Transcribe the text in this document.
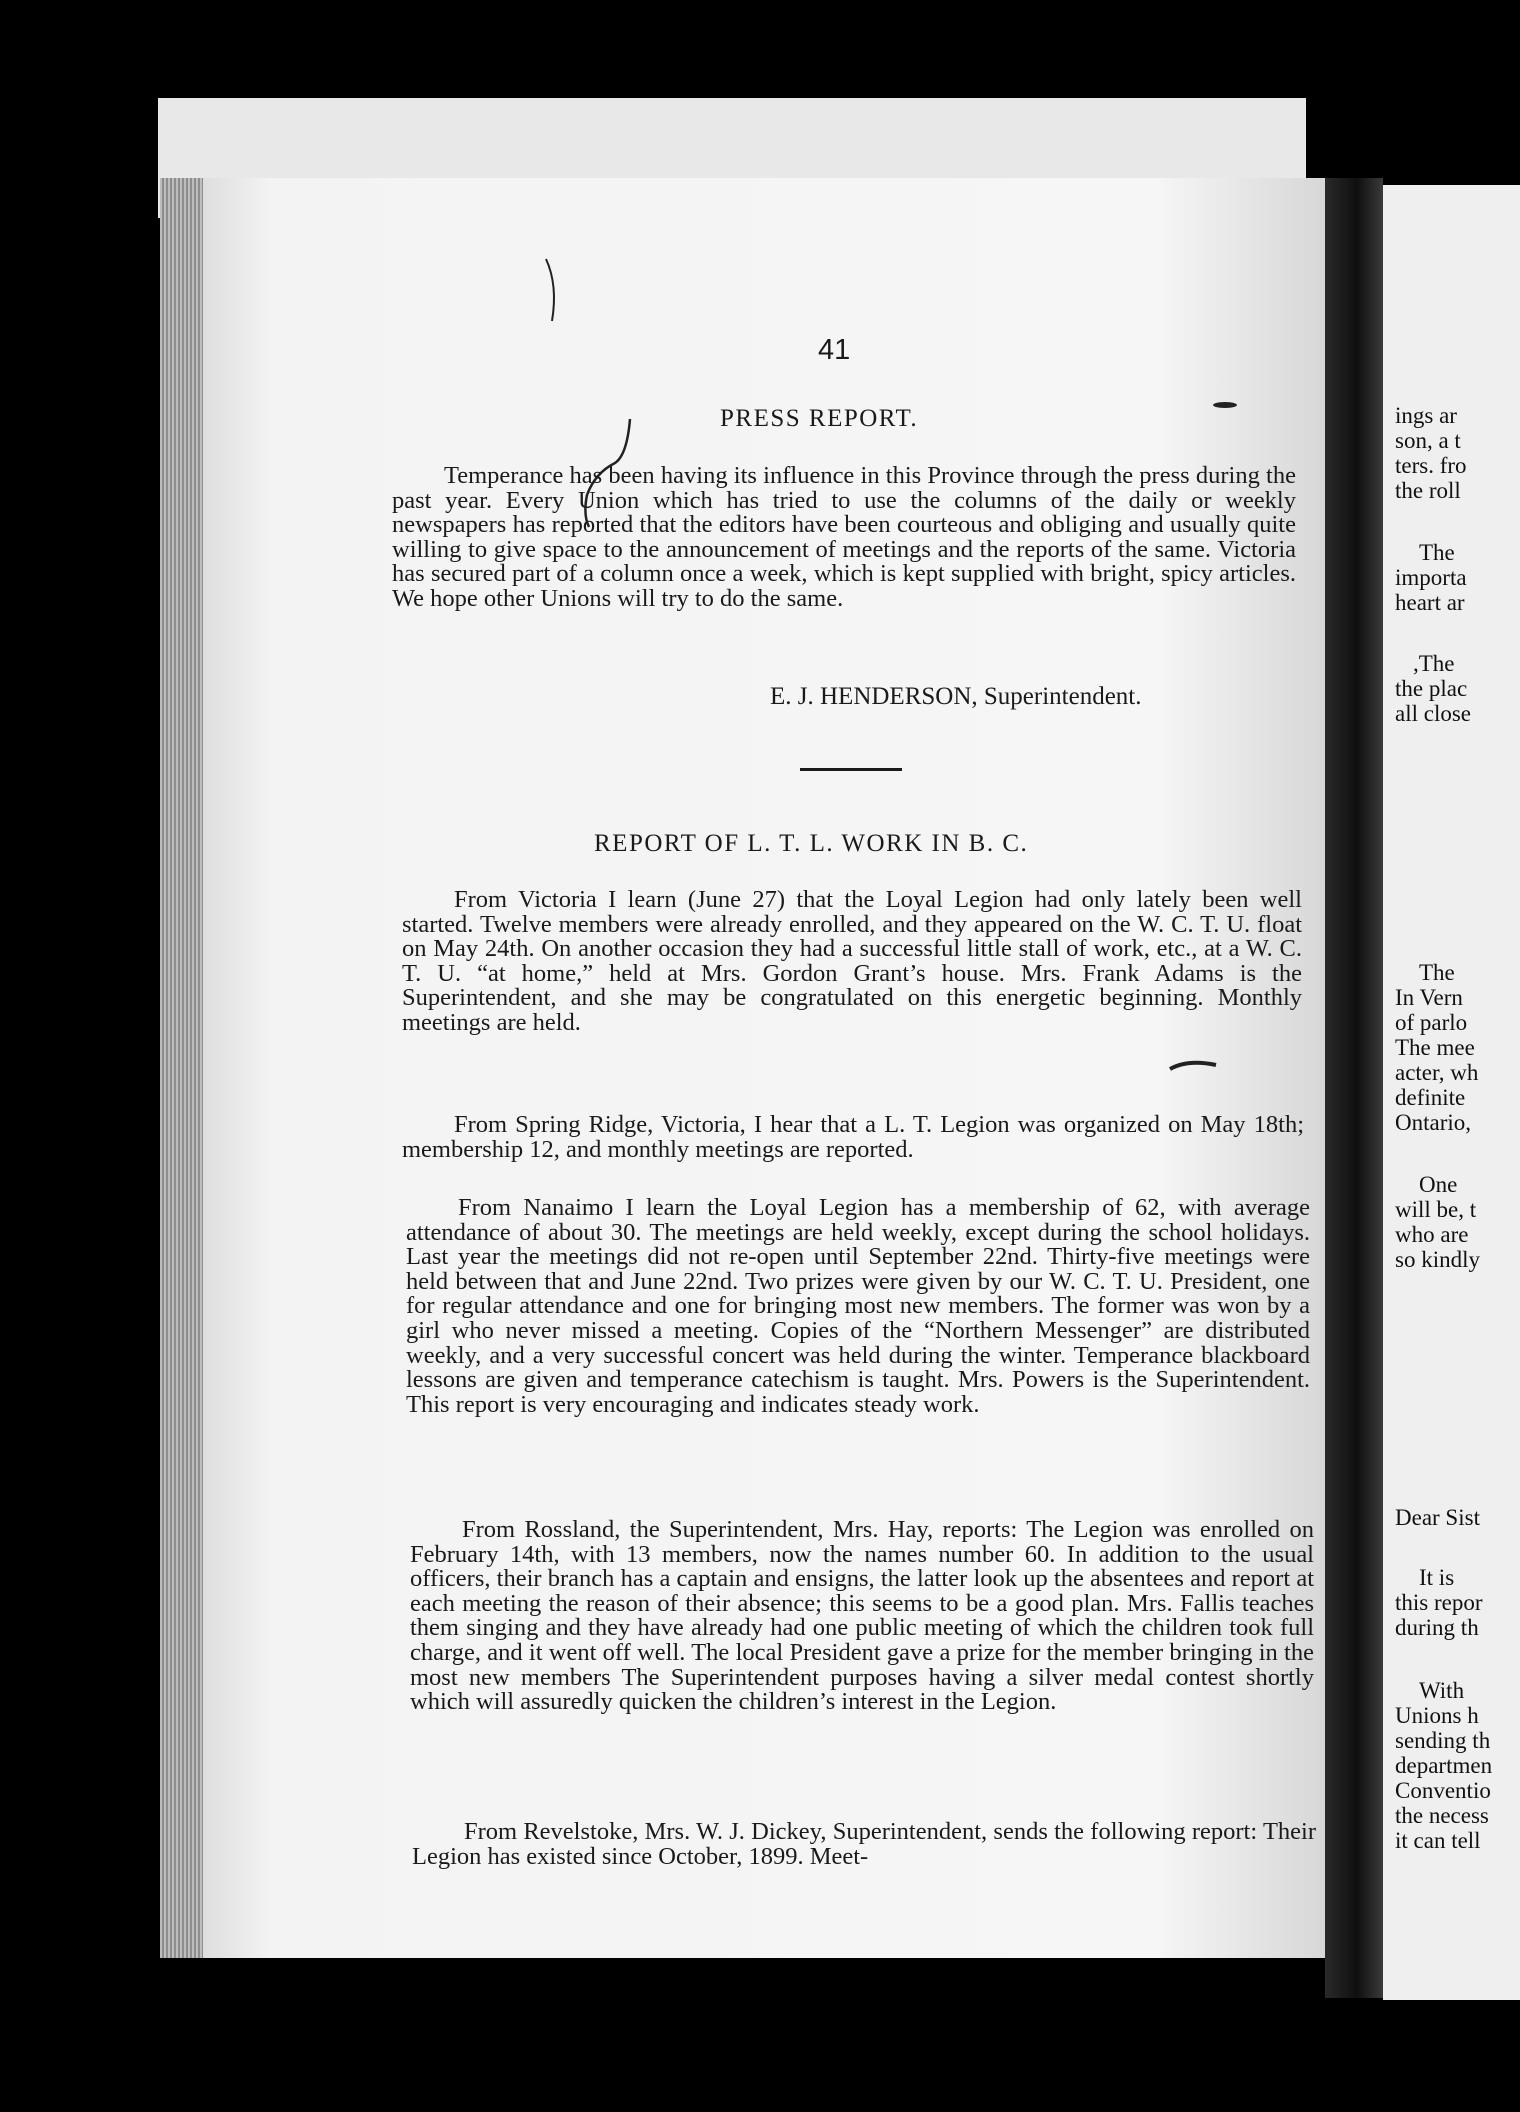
41
PRESS REPORT.

Temperance has been having its influence in this Province through the press during the past year. Every Union which has tried to use the columns of the daily or weekly newspapers has reported that the editors have been courteous and obliging and usually quite willing to give space to the announcement of meetings and the reports of the same. Victoria has secured part of a column once a week, which is kept supplied with bright, spicy articles. We hope other Unions will try to do the same.

E. J. HENDERSON, Superintendent.
REPORT OF L. T. L. WORK IN B. C.

From Victoria I learn (June 27) that the Loyal Legion had only lately been well started. Twelve members were already enrolled, and they appeared on the W. C. T. U. float on May 24th. On another occasion they had a successful little stall of work, etc., at a W. C. T. U. “at home,” held at Mrs. Gordon Grant’s house. Mrs. Frank Adams is the Superintendent, and she may be congratulated on this energetic beginning. Monthly meetings are held.

From Spring Ridge, Victoria, I hear that a L. T. Legion was organized on May 18th; membership 12, and monthly meetings are reported.

From Nanaimo I learn the Loyal Legion has a membership of 62, with average attendance of about 30. The meetings are held weekly, except during the school holidays. Last year the meetings did not re-open until September 22nd. Thirty-five meetings were held between that and June 22nd. Two prizes were given by our W. C. T. U. President, one for regular attendance and one for bringing most new members. The former was won by a girl who never missed a meeting. Copies of the “Northern Messenger” are distributed weekly, and a very successful concert was held during the winter. Temperance blackboard lessons are given and temperance catechism is taught. Mrs. Powers is the Superintendent. This report is very encouraging and indicates steady work.

From Rossland, the Superintendent, Mrs. Hay, reports: The Legion was enrolled on February 14th, with 13 members, now the names number 60. In addition to the usual officers, their branch has a captain and ensigns, the latter look up the absentees and report at each meeting the reason of their absence; this seems to be a good plan. Mrs. Fallis teaches them singing and they have already had one public meeting of which the children took full charge, and it went off well. The local President gave a prize for the member bringing in the most new members The Superintendent purposes having a silver medal contest shortly which will assuredly quicken the children’s interest in the Legion.

From Revelstoke, Mrs. W. J. Dickey, Superintendent, sends the following report: Their Legion has existed since October, 1899. Meet-

ings ar
son, a t
ters. fro
the roll
The
importa
heart ar
,The
the plac
all close
The
In Vern
of parlo
The mee
acter, wh
definite
Ontario,
One
will be, t
who are
so kindly
Dear Sist
It is
this repor
during th
With
Unions h
sending th
departmen
Conventio
the necess
it can tell
